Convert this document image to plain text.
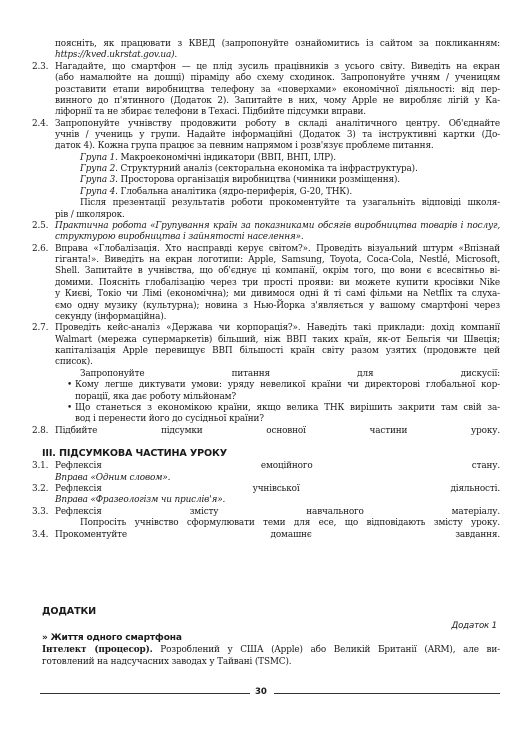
поясніть, як працювати з КВЕД (запропонуйте ознайомитись із сайтом за покликанням:
https://kved.ukrstat.gov.ua).
2.3. Нагадайте, що смартфон — це плід зусиль працівників з усього світу. Виведіть на екран
(або намалюйте на дошці) піраміду або схему сходинок. Запропонуйте учням / ученицям
розставити етапи виробництва телефону за «поверхами» економічної діяльності: від пер-
винного до п'ятинного (Додаток 2). Запитайте в них, чому Apple не виробляє лігій у Ка-
ліфорнії та не збирає телефони в Техасі. Підбийте підсумки вправи.
2.4. Запропонуйте учнівству продовжити роботу в складі аналітичного центру. Об'єднайте
учнів / учениць у групи. Надайте інформаційні (Додаток 3) та інструктивні картки (До-
даток 4). Кожна група працює за певним напрямом і розв'язує проблеме питання.
Група 1. Макроекономічні індикатори (ВВП, ВНП, ІЛР).
Група 2. Структурний аналіз (секторальна економіка та інфраструктура).
Група 3. Просторова організація виробництва (чинники розміщення).
Група 4. Глобальна аналітика (ядро-периферія, G-20, ТНК).
Після презентації результатів роботи прокоментуйте та узагальніть відповіді школя-
рів / школярок.
2.5. Практична робота «Групування країн за показниками обсягів виробництва товарів і послуг,
структурою виробництва і зайнятості населення».
2.6. Вправа «Глобалізація. Хто насправді керує світом?». Проведіть візуальний штурм «Впізнай
гіганта!». Виведіть на екран логотипи: Apple, Samsung, Toyota, Coca-Cola, Nestlé, Microsoft,
Shell. Запитайте в учнівства, що об'єднує ці компанії, окрім того, що вони є всесвітньо ві-
домими. Поясніть глобалізацію через три прості прояви: ви можете купити кросівки Nike
у Києві, Токіо чи Лімі (економічна); ми дивимося одні й ті самі фільми на Netflix та слуха-
ємо одну музику (культурна); новина з Нью-Йорка з'являється у вашому смартфоні через
секунду (інформаційна).
2.7. Проведіть кейс-аналіз «Держава чи корпорація?». Наведіть такі приклади: дохід компанії
Walmart (мережа супермаркетів) більший, ніж ВВП таких країн, як-от Бельгія чи Швеція;
капіталізація Apple перевищує ВВП більшості країн світу разом узятих (продовжте цей
список).
Запропонуйте питання для дискусії:
• Кому легше диктувати умови: уряду невеликої країни чи директорові глобальної кор-
порації, яка дає роботу мільйонам?
• Що станеться з економікою країни, якщо велика ТНК вирішить закрити там свій за-
вод і перенести його до сусідньої країни?
2.8. Підбийте підсумки основної частини уроку.
III. ПІДСУМКОВА ЧАСТИНА УРОКУ
3.1. Рефлексія емоційного стану.
Вправа «Одним словом».
3.2. Рефлексія учнівської діяльності.
Вправа «Фразеологізм чи прислів'я».
3.3. Рефлексія змісту навчального матеріалу.
Попросіть учнівство сформулювати теми для есе, що відповідають змісту уроку.
3.4. Прокоментуйте домашнє завдання.
ДОДАТКИ
Додаток 1
» Життя одного смартфона
Інтелект (процесор). Розроблений у США (Apple) або Великій Британії (ARM), але ви-
готовлений на надсучасних заводах у Тайвані (TSMC).
30
